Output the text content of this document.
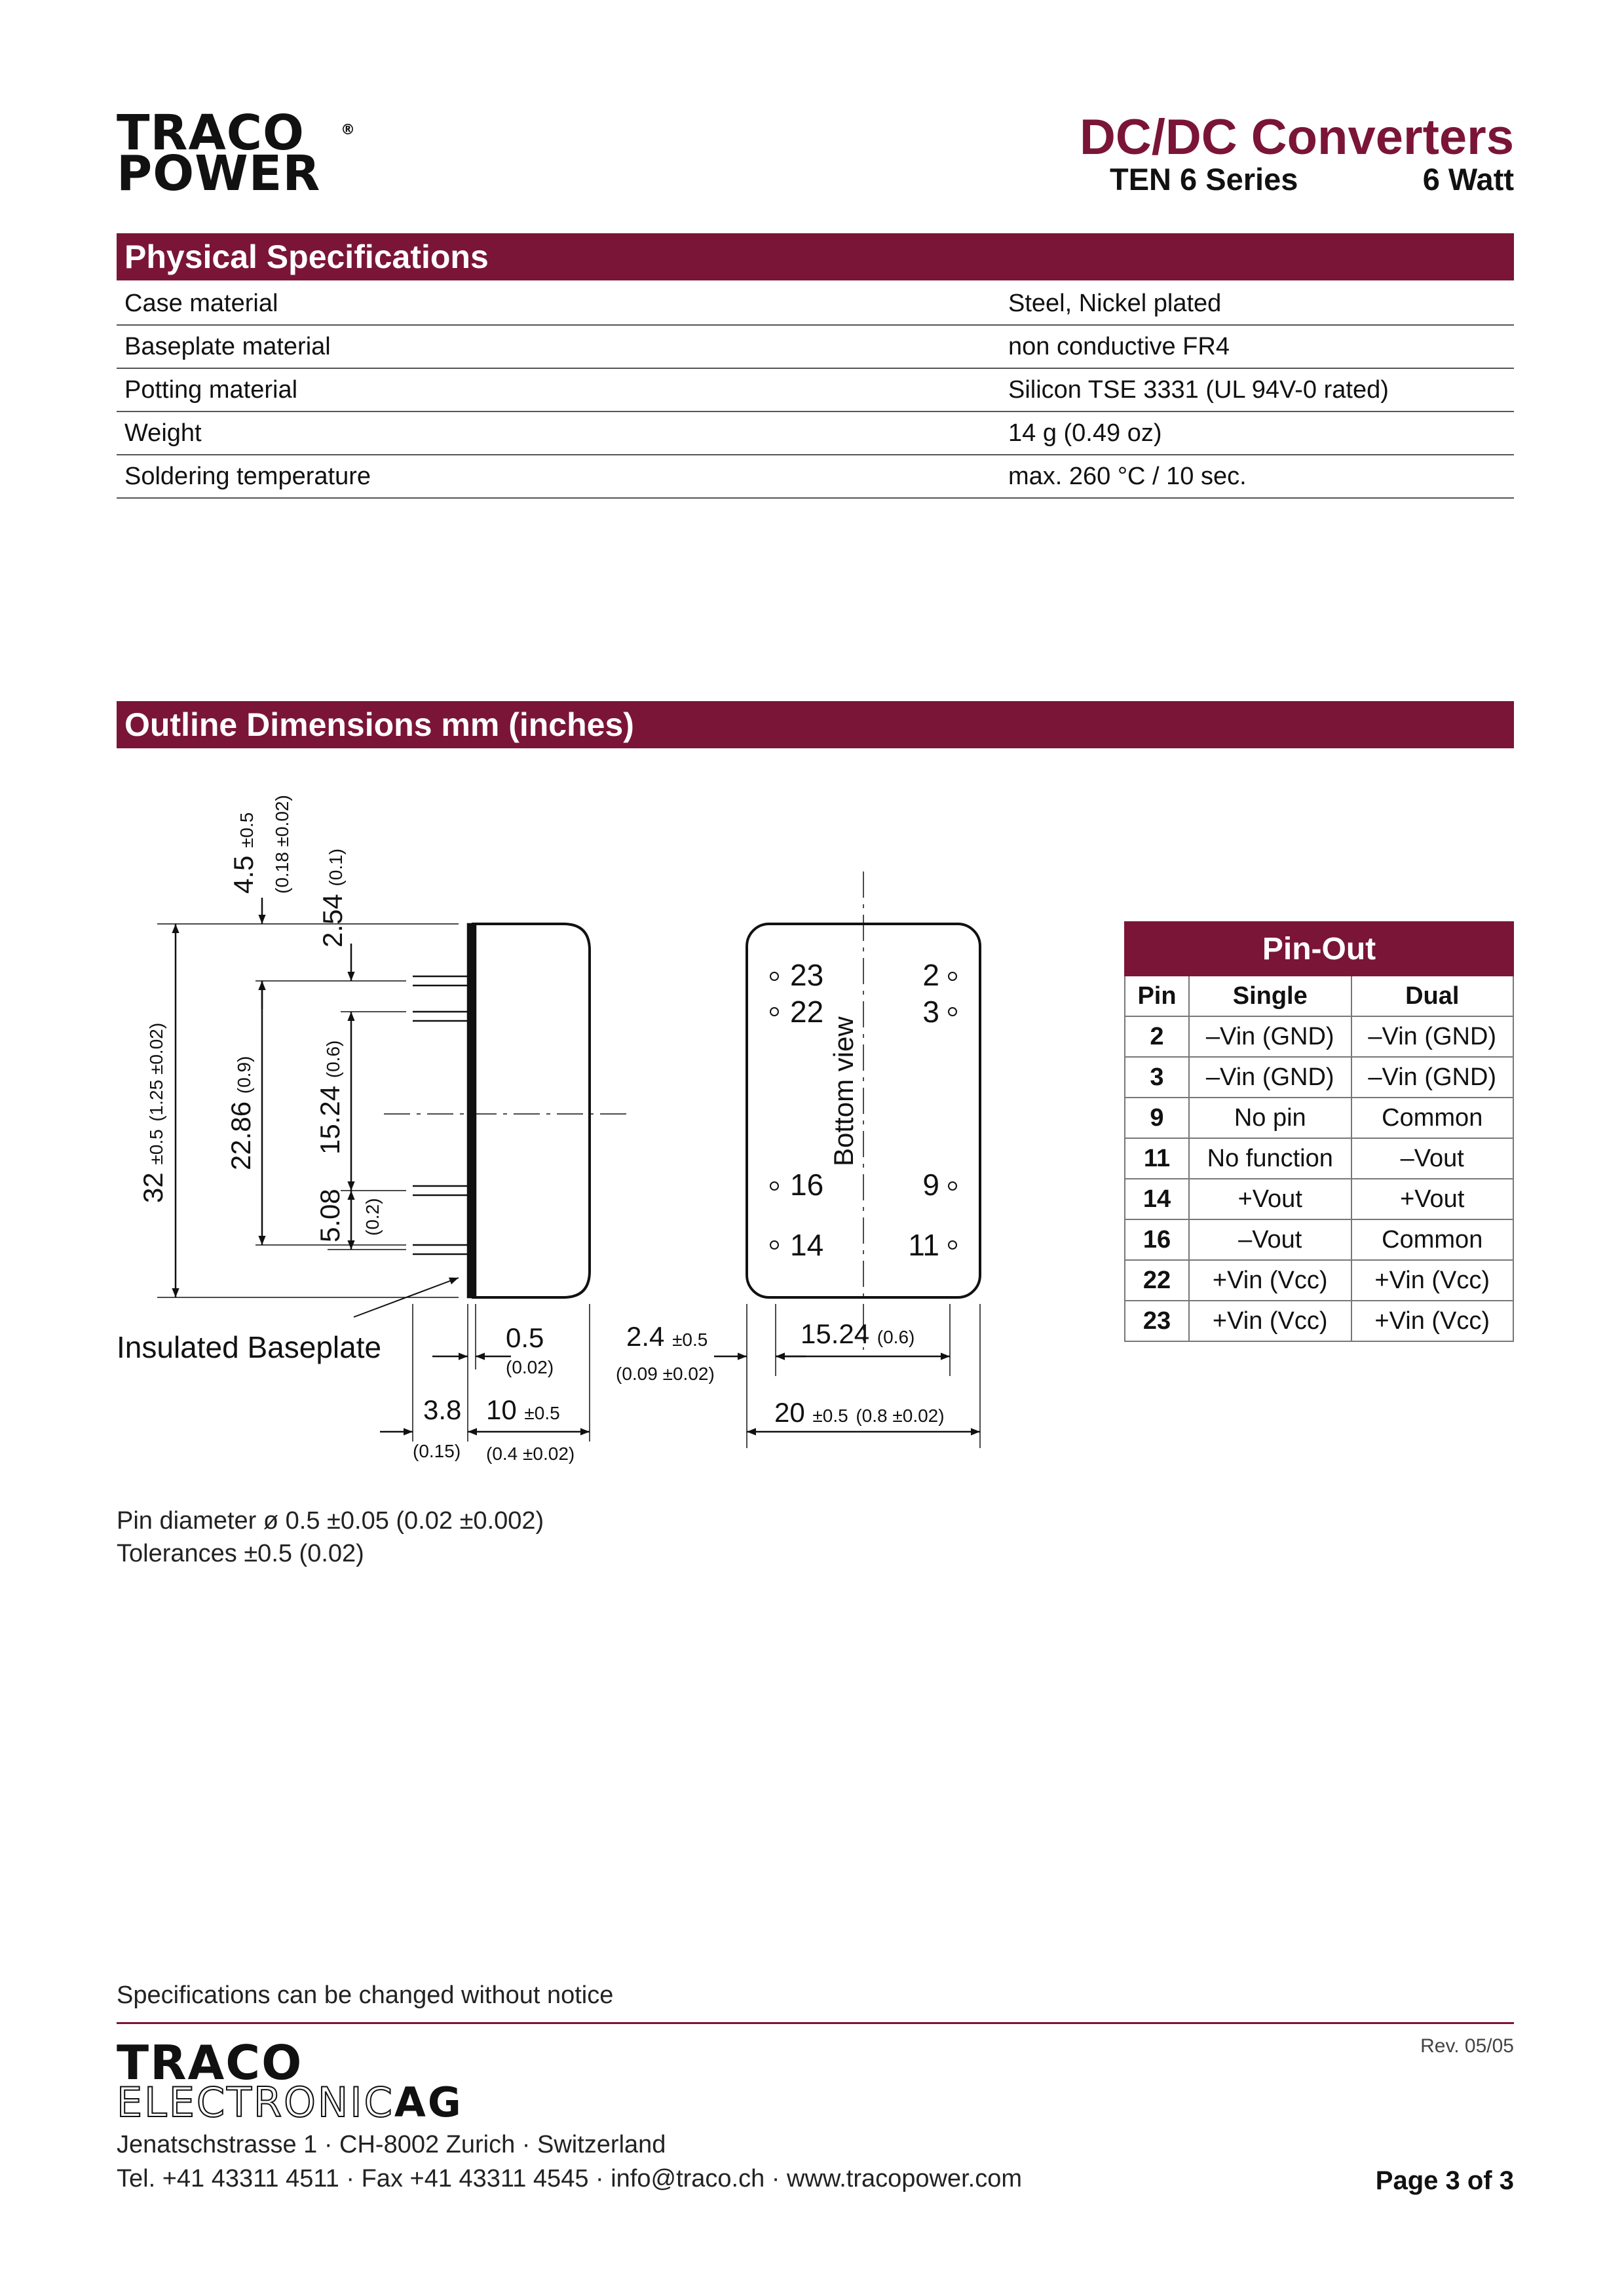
TRACO
POWER
®	DC/DC Converters
TEN 6 Series	6 Watt
Physical Specifications
Case material	Steel, Nickel plated
Baseplate material	non conductive FR4
Potting material	Silicon TSE 3331 (UL 94V-0 rated)
Weight	14 g (0.49 oz)
Soldering temperature	max. 260 °C / 10 sec.
Outline Dimensions mm (inches)
23
22
16
14
2
3
9
11
Bottom view
4.5 ±0.5 (0.18 ±0.02)
2.54 (0.1)
32 ±0.5 (1.25 ±0.02)
22.86 (0.9)
15.24 (0.6)
5.08 (0.2)
Insulated Baseplate	0.5
(0.02)
3.8
(0.15)
10 ±0.5
(0.4 ±0.02)
2.4 ±0.5
(0.09 ±0.02)
15.24 (0.6)
20 ±0.5 (0.8 ±0.02)
Pin-Out		
Pin	Single	Dual
2	–Vin (GND)	–Vin (GND)
3	–Vin (GND)	–Vin (GND)
9	No pin	Common
11	No function	–Vout
14	+Vout	+Vout
16	–Vout	Common
22	+Vin (Vcc)	+Vin (Vcc)
23	+Vin (Vcc)	+Vin (Vcc)
Pin diameter ø 0.5 ±0.05 (0.02 ±0.002)
Tolerances ±0.5 (0.02)
Specifications can be changed without notice
TRACO
ELECTRONICAG
Rev. 05/05
Jenatschstrasse 1 · CH-8002 Zurich · Switzerland
Tel. +41 43311 4511 · Fax +41 43311 4545 · info@traco.ch · www.tracopower.com	Page 3 of 3
